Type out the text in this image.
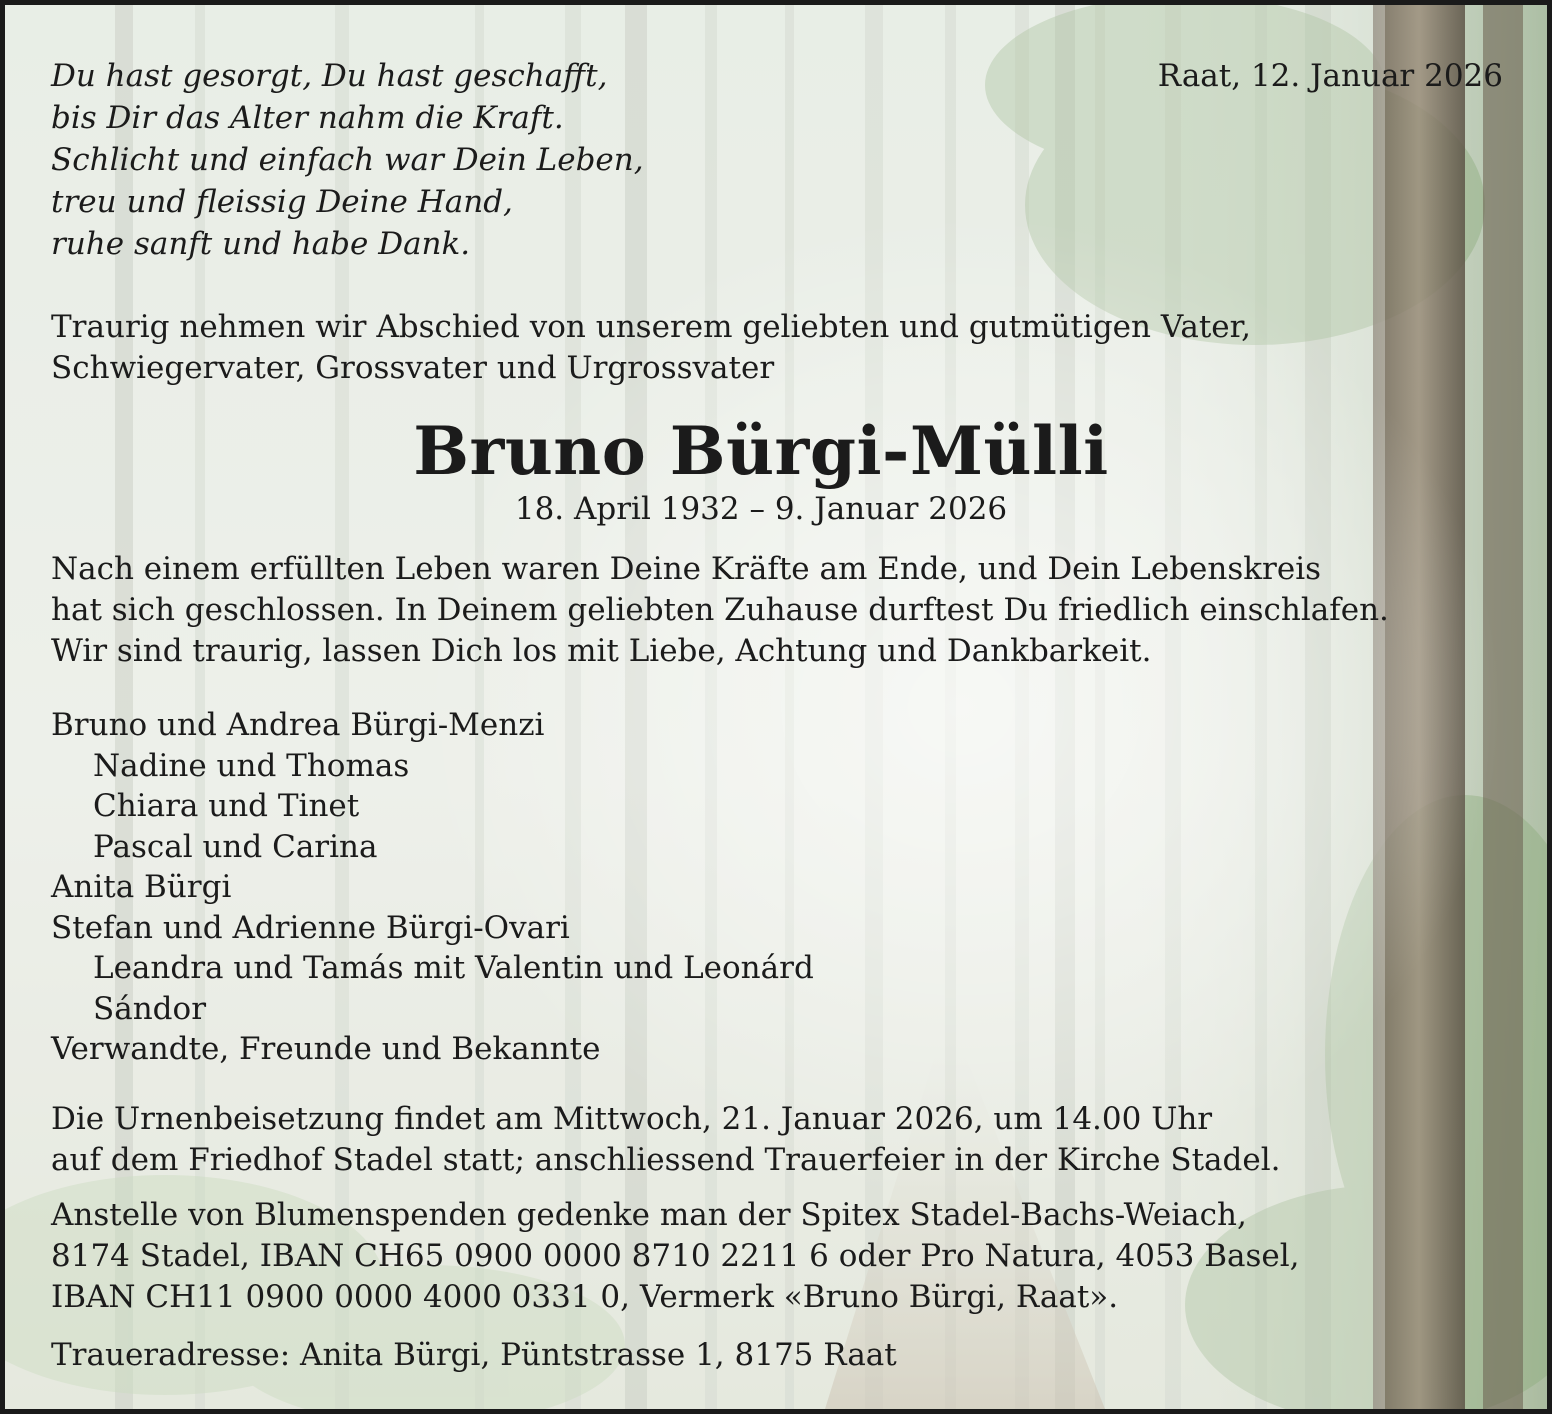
Du hast gesorgt, Du hast geschafft,
bis Dir das Alter nahm die Kraft.
Schlicht und einfach war Dein Leben,
treu und fleissig Deine Hand,
ruhe sanft und habe Dank.
Raat, 12. Januar 2026
Traurig nehmen wir Abschied von unserem geliebten und gutmütigen Vater,
Schwiegervater, Grossvater und Urgrossvater
Bruno Bürgi-Mülli
18. April 1932 – 9. Januar 2026
Nach einem erfüllten Leben waren Deine Kräfte am Ende, und Dein Lebenskreis
hat sich geschlossen. In Deinem geliebten Zuhause durftest Du friedlich einschlafen.
Wir sind traurig, lassen Dich los mit Liebe, Achtung und Dankbarkeit.
Bruno und Andrea Bürgi-Menzi
Nadine und Thomas
Chiara und Tinet
Pascal und Carina
Anita Bürgi
Stefan und Adrienne Bürgi-Ovari
Leandra und Tamás mit Valentin und Leonárd
Sándor
Verwandte, Freunde und Bekannte
Die Urnenbeisetzung findet am Mittwoch, 21. Januar 2026, um 14.00 Uhr
auf dem Friedhof Stadel statt; anschliessend Trauerfeier in der Kirche Stadel.
Anstelle von Blumenspenden gedenke man der Spitex Stadel-Bachs-Weiach,
8174 Stadel, IBAN CH65 0900 0000 8710 2211 6 oder Pro Natura, 4053 Basel,
IBAN CH11 0900 0000 4000 0331 0, Vermerk «Bruno Bürgi, Raat».
Traueradresse: Anita Bürgi, Püntstrasse 1, 8175 Raat
